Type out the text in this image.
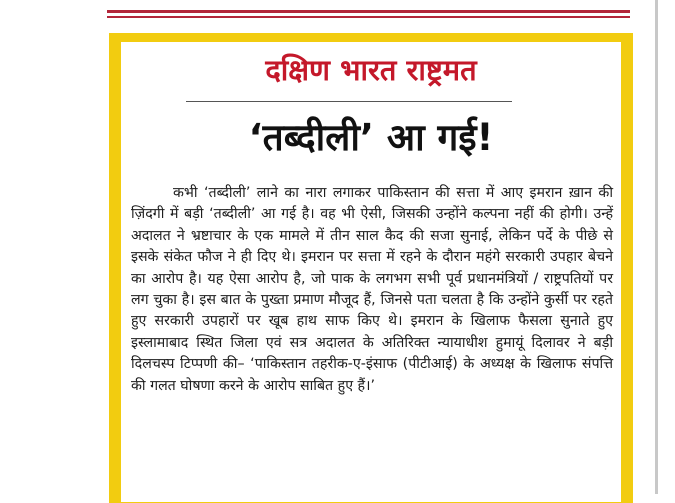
दक्षिण भारत राष्ट्रमत
‘तब्दीली’ आ गई!
कभी ‘तब्दीली’ लाने का नारा लगाकर पाकिस्तान की सत्ता में आए इमरान ख़ान की ज़िंदगी में बड़ी ‘तब्दीली’ आ गई है। वह भी ऐसी, जिसकी उन्होंने कल्पना नहीं की होगी। उन्हें अदालत ने भ्रष्टाचार के एक मामले में तीन साल कैद की सजा सुनाई, लेकिन पर्दे के पीछे से इसके संकेत फौज ने ही दिए थे। इमरान पर सत्ता में रहने के दौरान महंगे सरकारी उपहार बेचने का आरोप है। यह ऐसा आरोप है, जो पाक के लगभग सभी पूर्व प्रधानमंत्रियों / राष्ट्रपतियों पर लग चुका है। इस बात के पुख्ता प्रमाण मौजूद हैं, जिनसे पता चलता है कि उन्होंने कुर्सी पर रहते हुए सरकारी उपहारों पर खूब हाथ साफ किए थे। इमरान के खिलाफ फैसला सुनाते हुए इस्लामाबाद स्थित जिला एवं सत्र अदालत के अतिरिक्त न्यायाधीश हुमायूं दिलावर ने बड़ी दिलचस्प टिप्पणी की– ‘पाकिस्तान तहरीक-ए-इंसाफ (पीटीआई) के अध्यक्ष के खिलाफ संपत्ति की गलत घोषणा करने के आरोप साबित हुए हैं।’
